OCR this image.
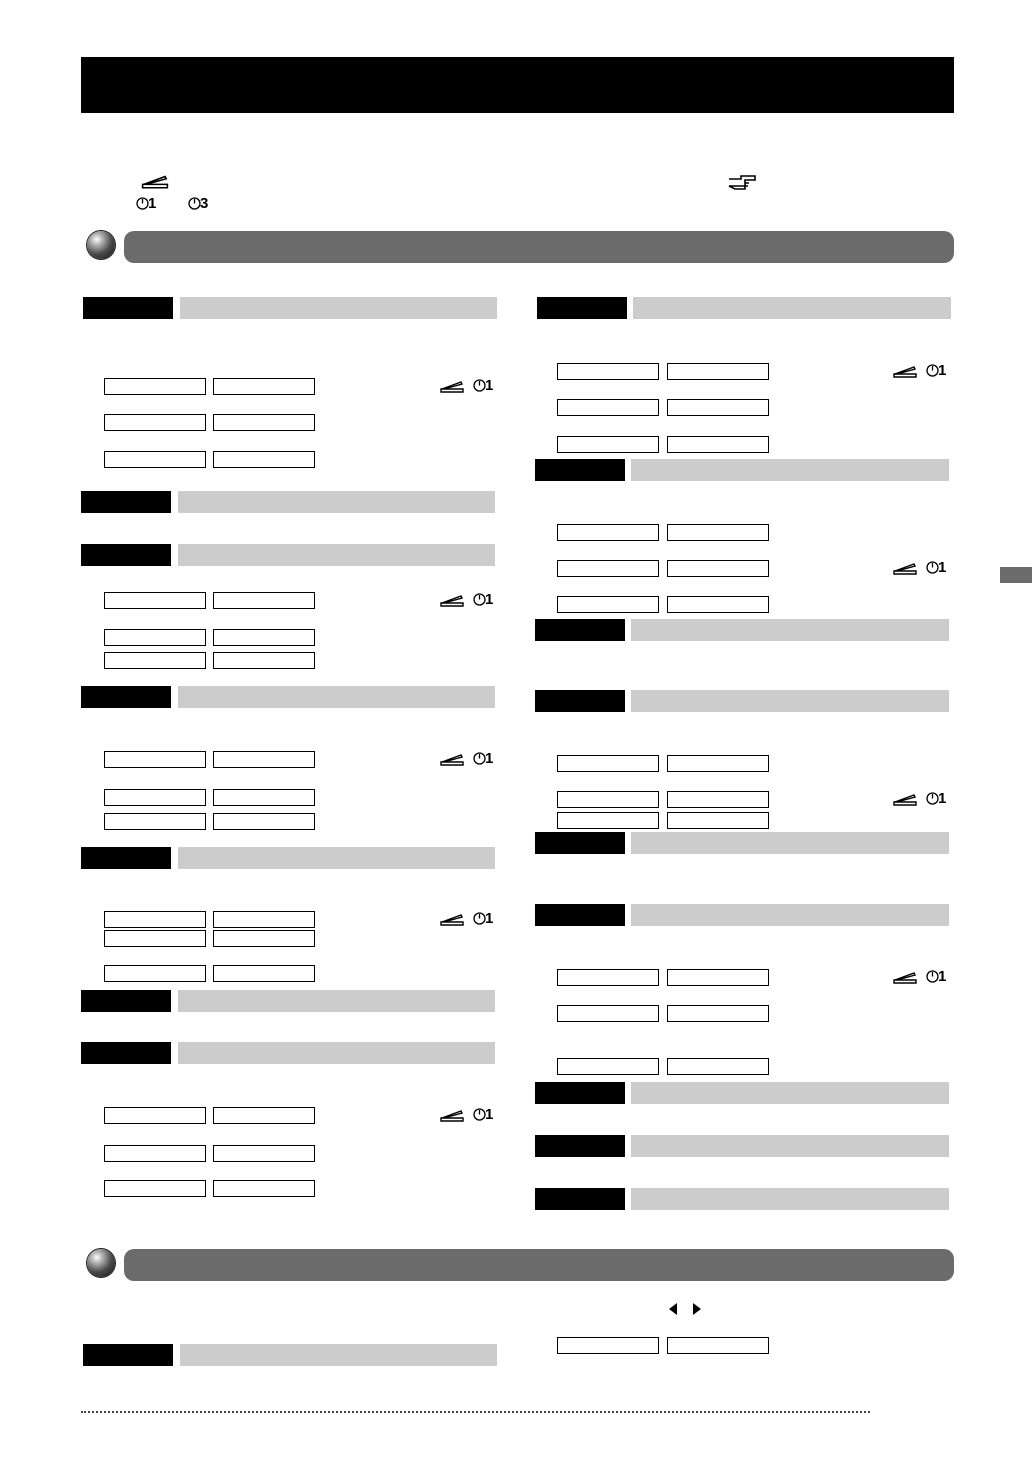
1	3
1
1
1
1
1
1
1
1
1
